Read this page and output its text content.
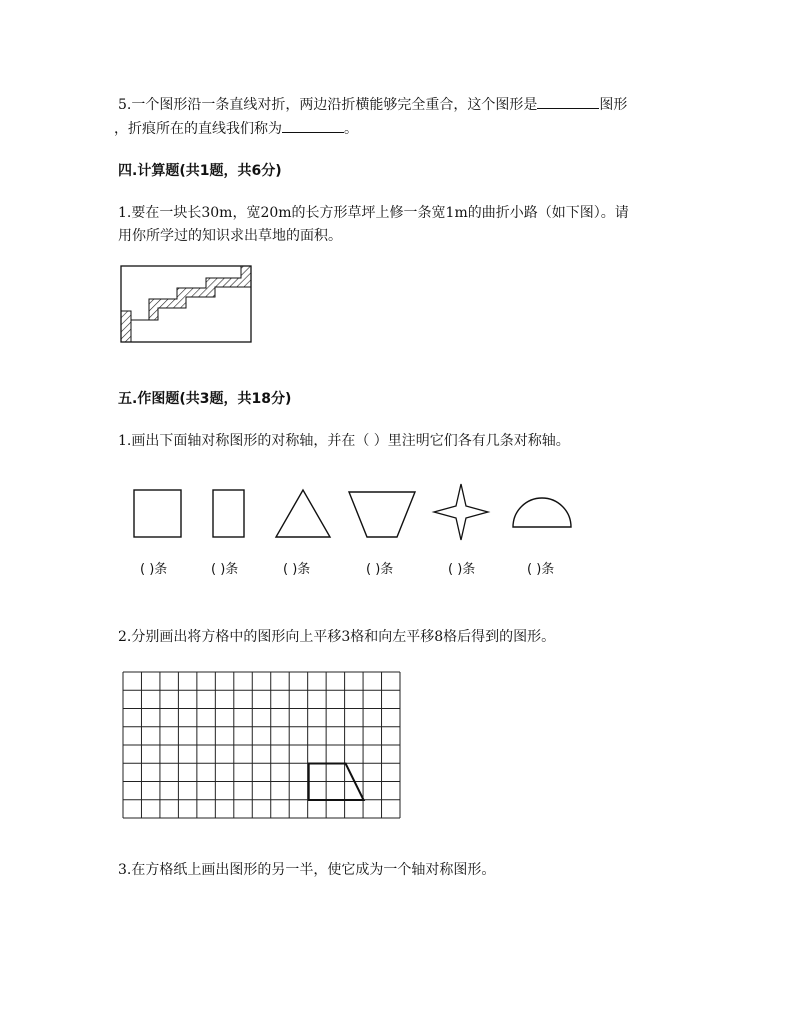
5.一个图形沿一条直线对折，两边沿折横能够完全重合，这个图形是	图形
，折痕所在的直线我们称为	。
四.计算题(共1题，共6分)
1.要在一块长30m，宽20m的长方形草坪上修一条宽1m的曲折小路（如下图）。请
用你所学过的知识求出草地的面积。
五.作图题(共3题，共18分)
1.画出下面轴对称图形的对称轴，并在（ ）里注明它们各有几条对称轴。
( )条	( )条	( )条	( )条	( )条	( )条
2.分别画出将方格中的图形向上平移3格和向左平移8格后得到的图形。
3.在方格纸上画出图形的另一半，使它成为一个轴对称图形。
